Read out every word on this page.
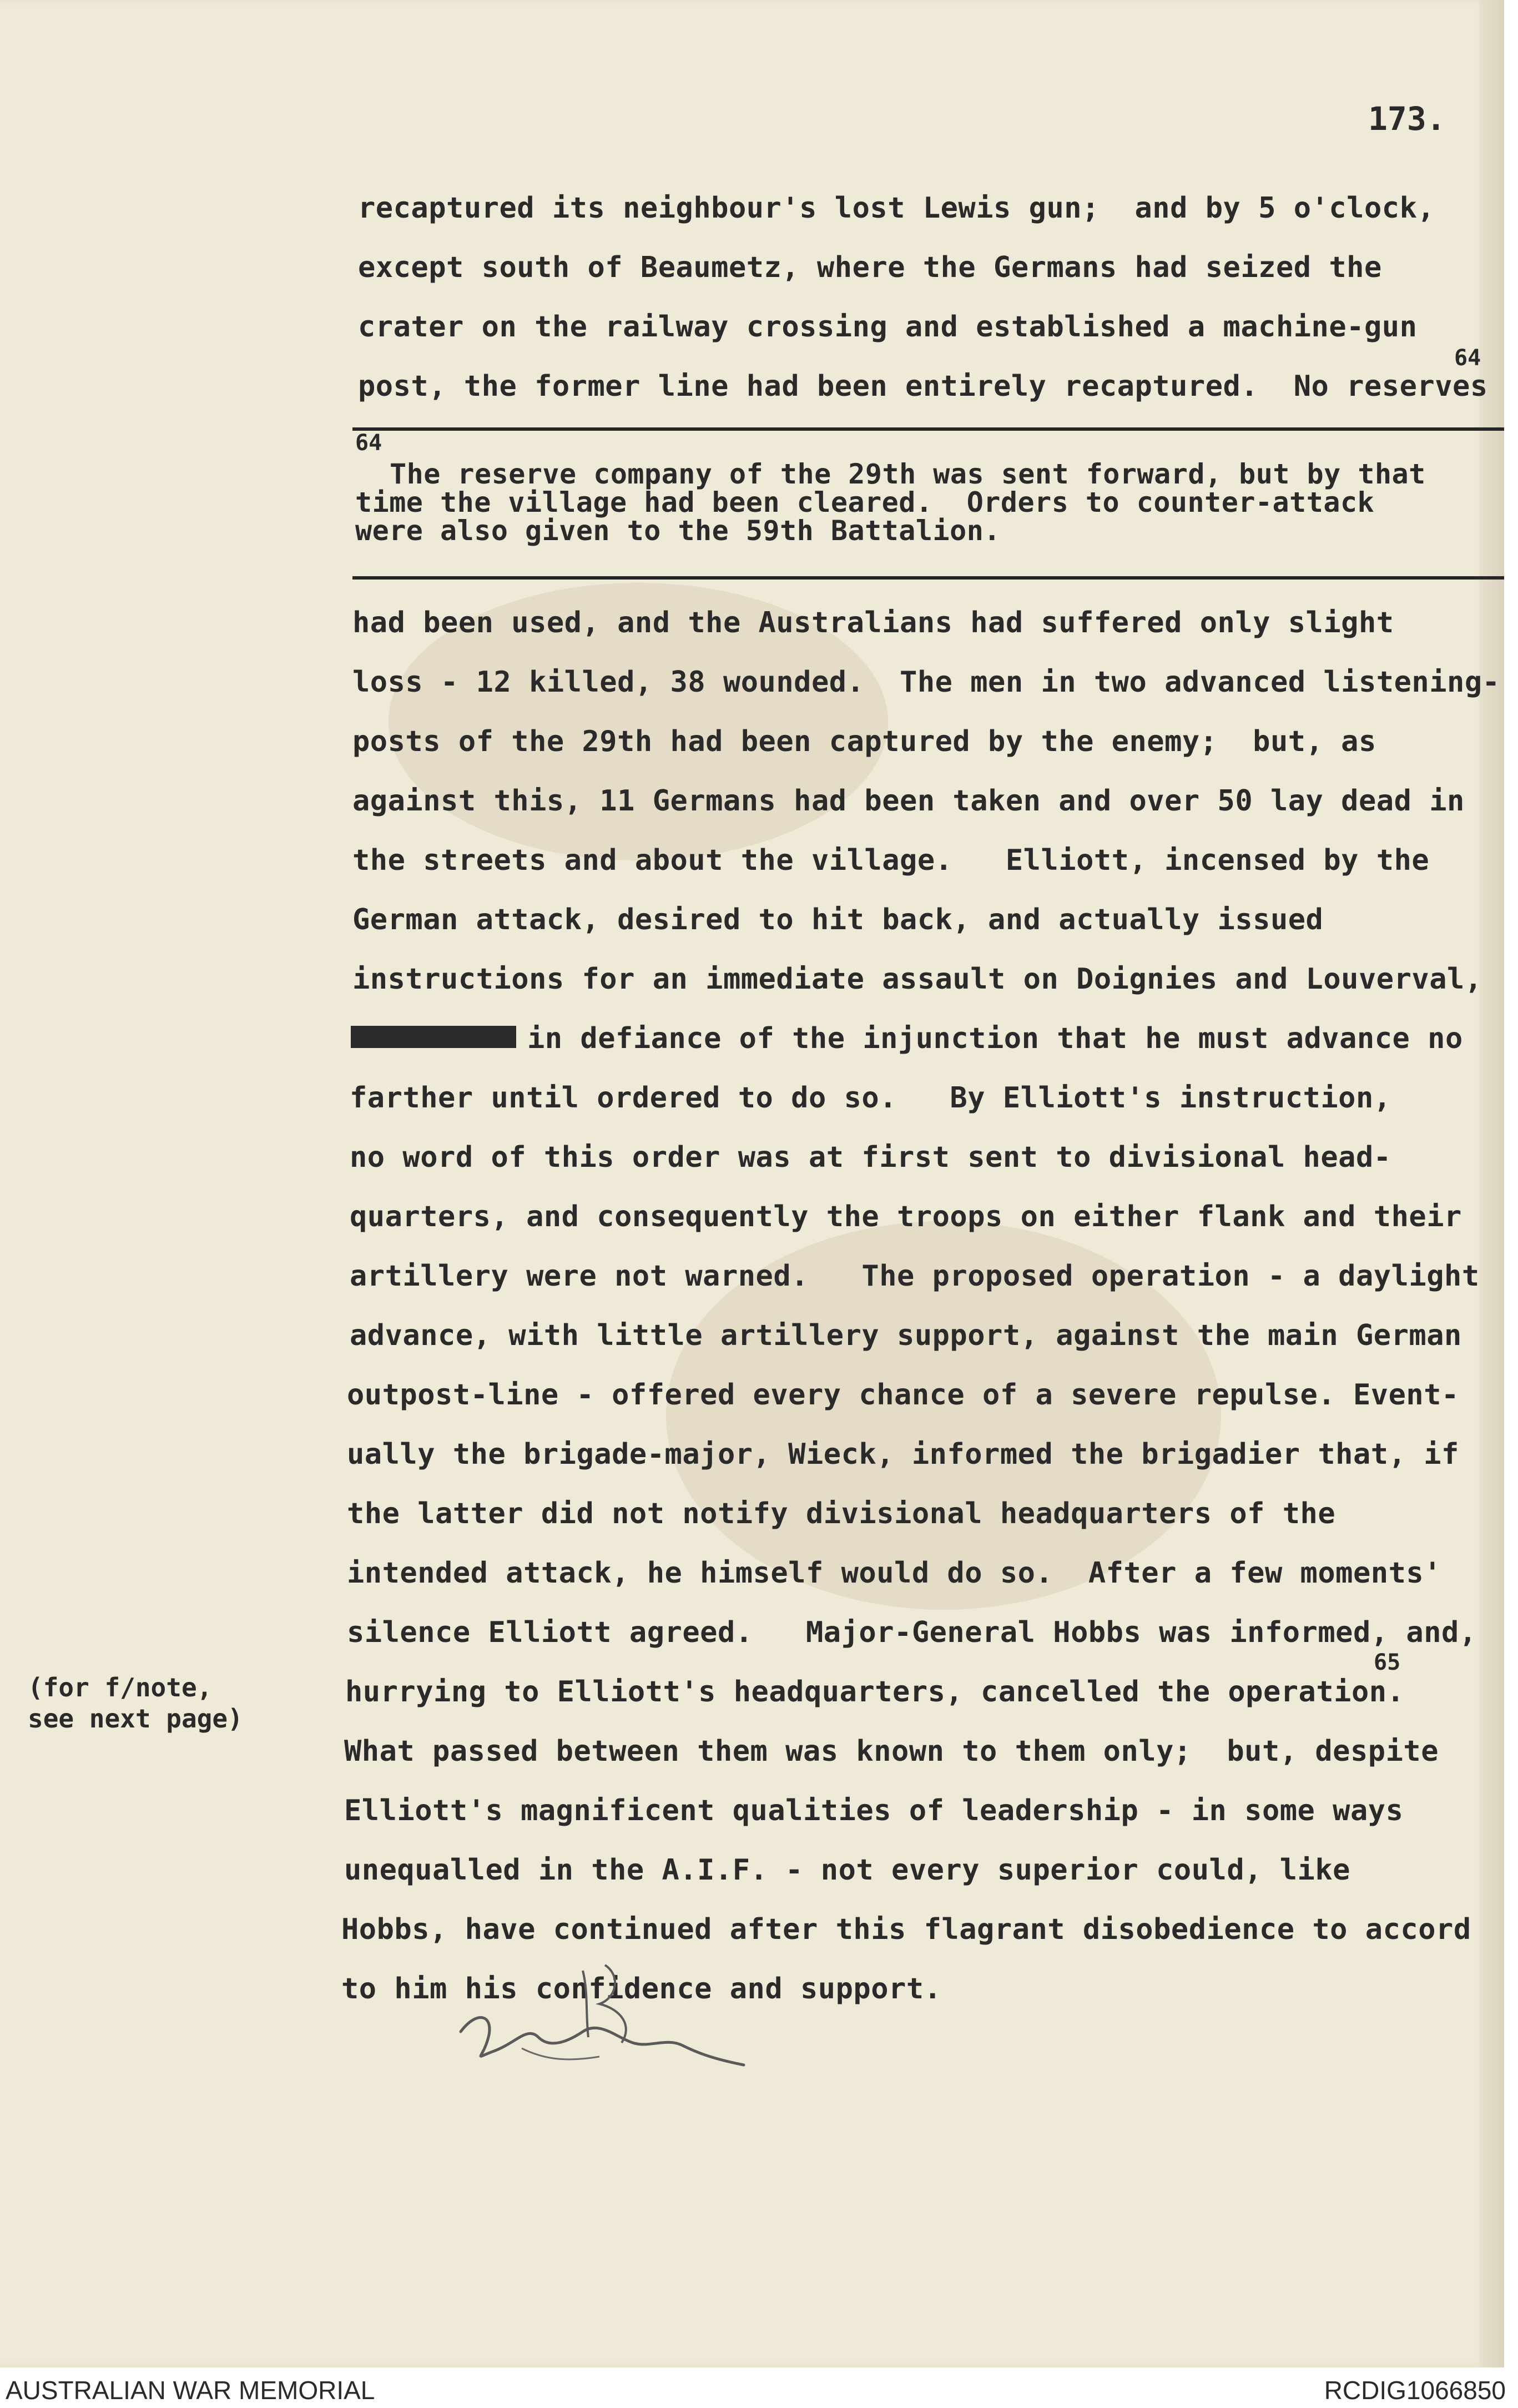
173.
recaptured its neighbour's lost Lewis gun;  and by 5 o'clock,
except south of Beaumetz, where the Germans had seized the
crater on the railway crossing and established a machine-gun
post, the former line had been entirely recaptured.  No reserves
64
64
The reserve company of the 29th was sent forward, but by that
time the village had been cleared.  Orders to counter-attack
were also given to the 59th Battalion.
had been used, and the Australians had suffered only slight
loss - 12 killed, 38 wounded.  The men in two advanced listening-
posts of the 29th had been captured by the enemy;  but, as
against this, 11 Germans had been taken and over 50 lay dead in
the streets and about the village.   Elliott, incensed by the
German attack, desired to hit back, and actually issued
instructions for an immediate assault on Doignies and Louverval,
in defiance of the injunction that he must advance no
farther until ordered to do so.   By Elliott's instruction,
no word of this order was at first sent to divisional head-
quarters, and consequently the troops on either flank and their
artillery were not warned.   The proposed operation - a daylight
advance, with little artillery support, against the main German
outpost-line - offered every chance of a severe repulse. Event-
ually the brigade-major, Wieck, informed the brigadier that, if
the latter did not notify divisional headquarters of the
intended attack, he himself would do so.  After a few moments'
silence Elliott agreed.   Major-General Hobbs was informed, and,
hurrying to Elliott's headquarters, cancelled the operation.
65
What passed between them was known to them only;  but, despite
Elliott's magnificent qualities of leadership - in some ways
unequalled in the A.I.F. - not every superior could, like
Hobbs, have continued after this flagrant disobedience to accord
to him his confidence and support.
(for f/note,
see next page)
AUSTRALIAN WAR MEMORIAL	RCDIG1066850
